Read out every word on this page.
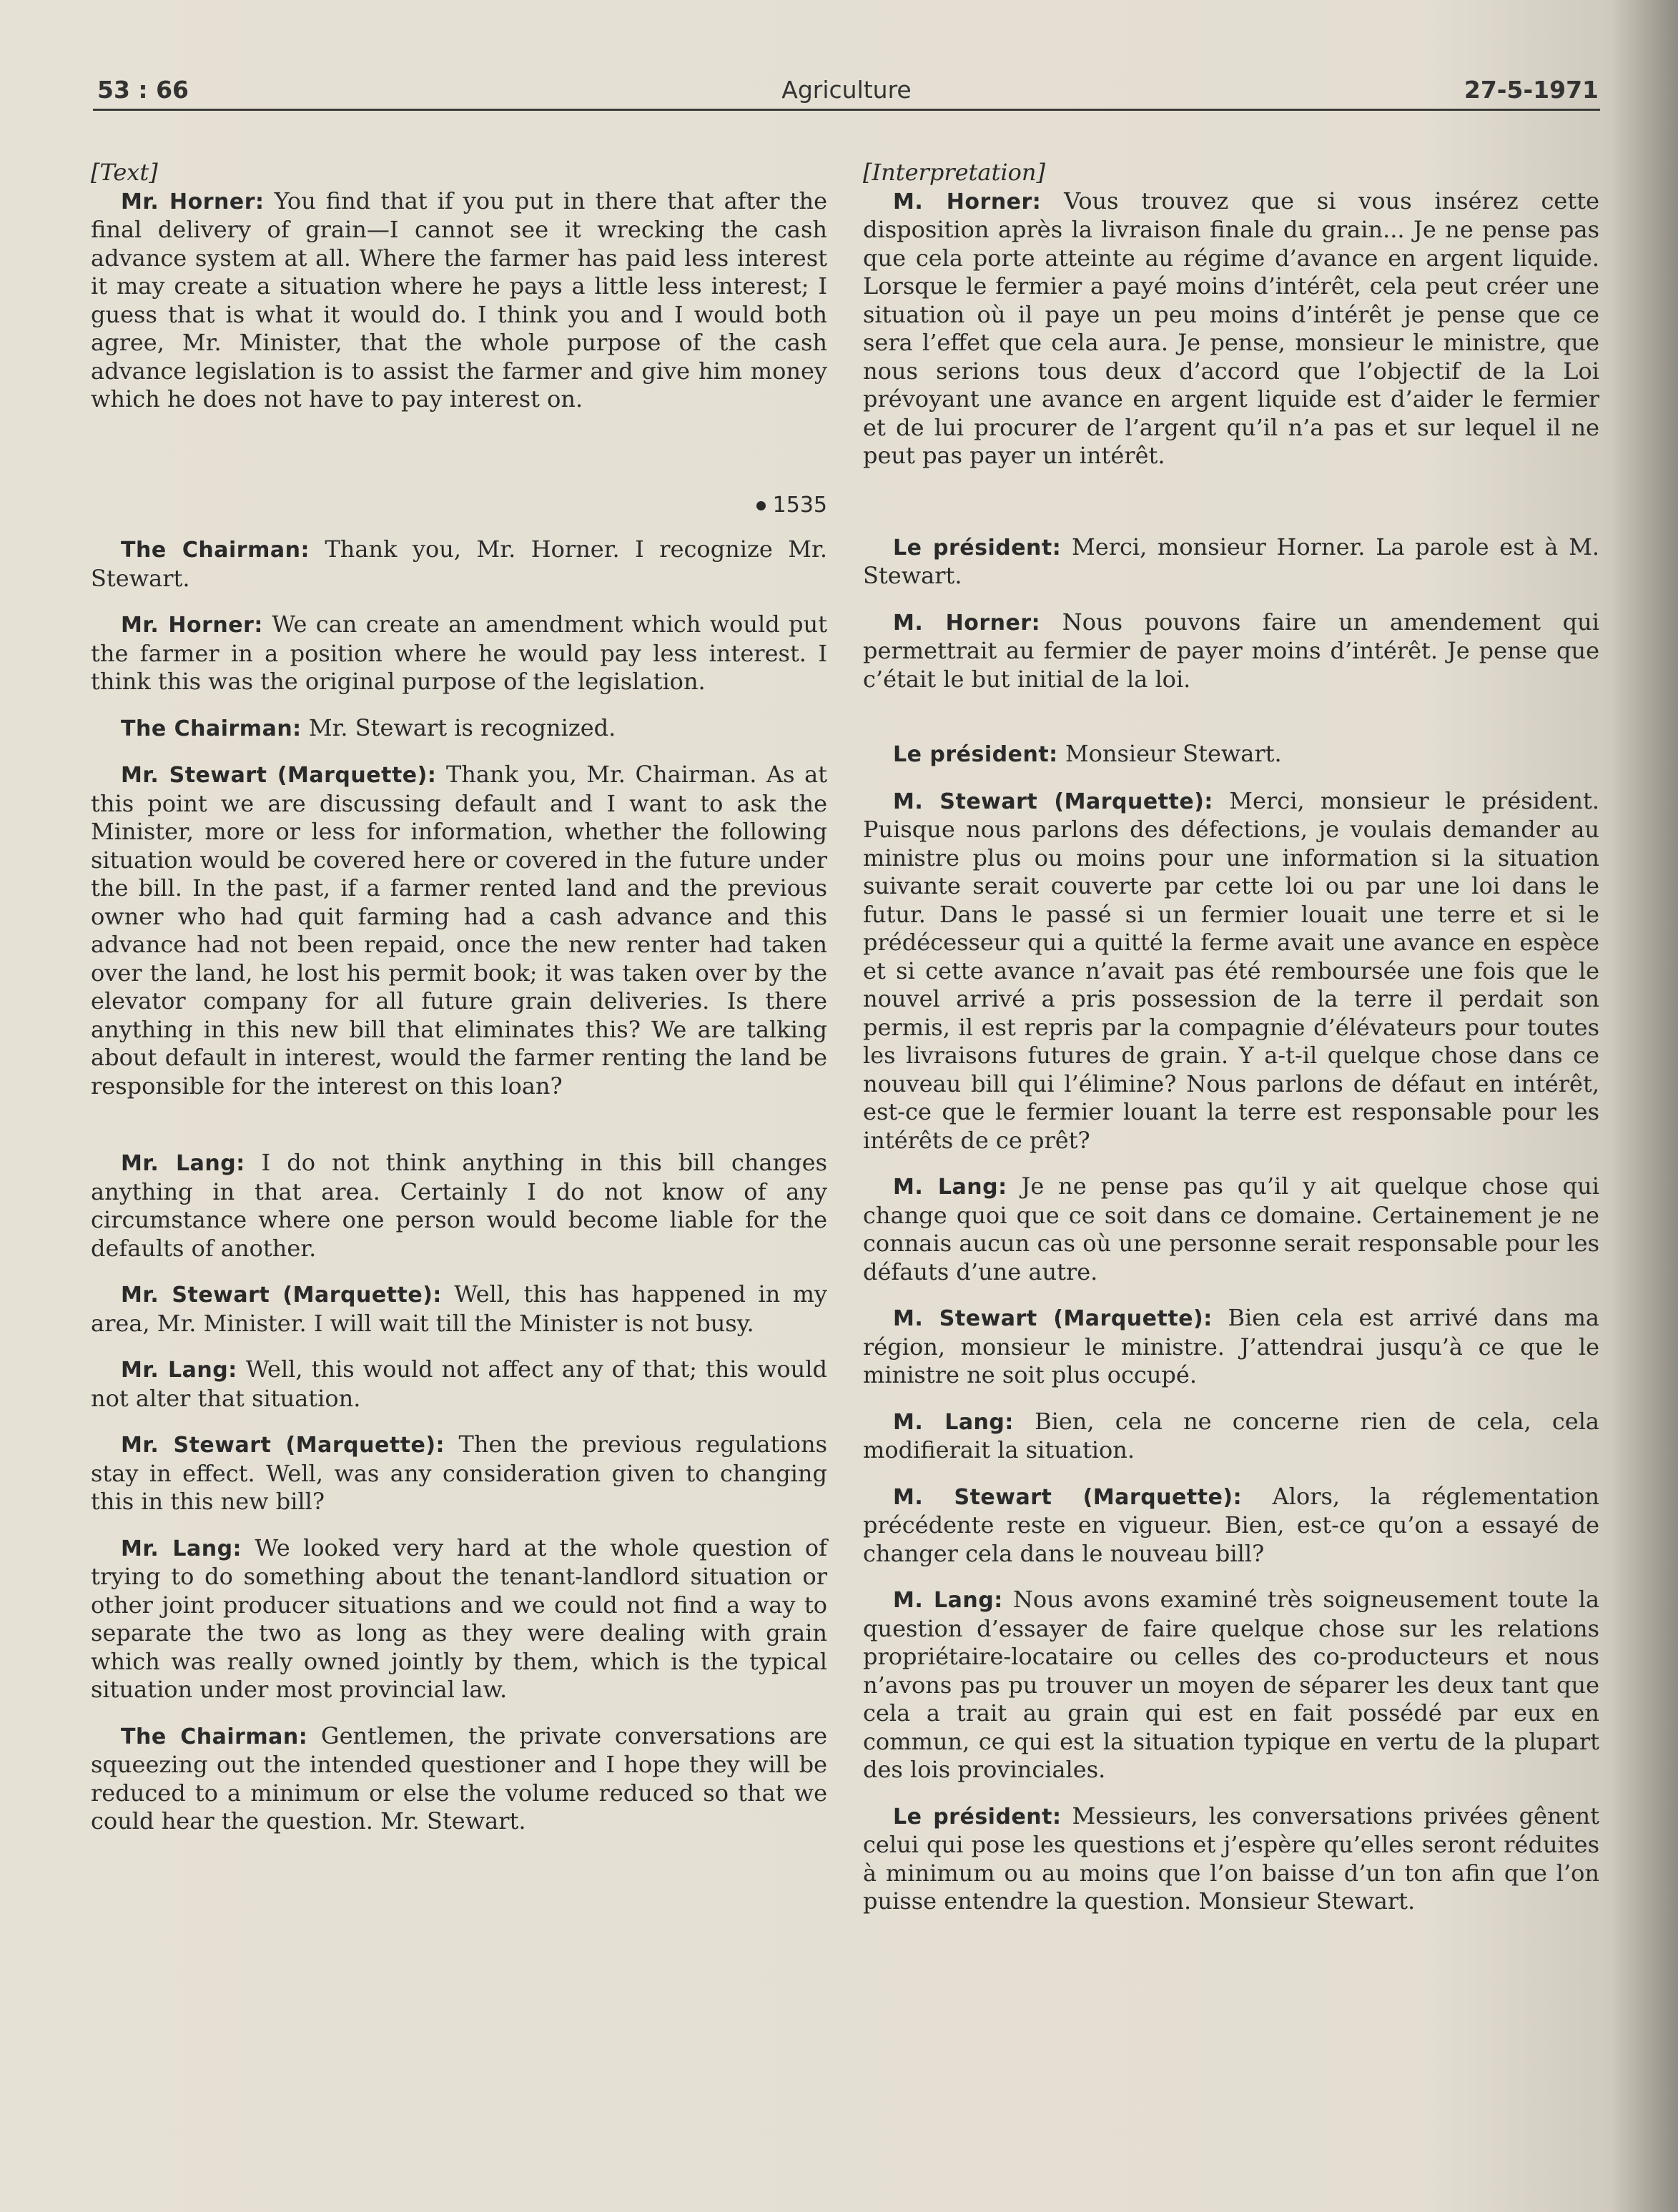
53 : 66	Agriculture	27-5-1971

[Text]

Mr. Horner: You find that if you put in there that after the final delivery of grain—I cannot see it wrecking the cash advance system at all. Where the farmer has paid less interest it may create a situation where he pays a little less interest; I guess that is what it would do. I think you and I would both agree, Mr. Minister, that the whole purpose of the cash advance legislation is to assist the farmer and give him money which he does not have to pay interest on.

1535

The Chairman: Thank you, Mr. Horner. I recognize Mr. Stewart.

Mr. Horner: We can create an amendment which would put the farmer in a position where he would pay less interest. I think this was the original purpose of the legislation.

The Chairman: Mr. Stewart is recognized.

Mr. Stewart (Marquette): Thank you, Mr. Chairman. As at this point we are discussing default and I want to ask the Minister, more or less for information, whether the following situation would be covered here or covered in the future under the bill. In the past, if a farmer rented land and the previous owner who had quit farming had a cash advance and this advance had not been repaid, once the new renter had taken over the land, he lost his permit book; it was taken over by the elevator company for all future grain deliveries. Is there anything in this new bill that eliminates this? We are talking about default in interest, would the farmer renting the land be responsible for the interest on this loan?

Mr. Lang: I do not think anything in this bill changes anything in that area. Certainly I do not know of any circumstance where one person would become liable for the defaults of another.

Mr. Stewart (Marquette): Well, this has happened in my area, Mr. Minister. I will wait till the Minister is not busy.

Mr. Lang: Well, this would not affect any of that; this would not alter that situation.

Mr. Stewart (Marquette): Then the previous regulations stay in effect. Well, was any consideration given to changing this in this new bill?

Mr. Lang: We looked very hard at the whole question of trying to do something about the tenant-landlord situation or other joint producer situations and we could not find a way to separate the two as long as they were dealing with grain which was really owned jointly by them, which is the typical situation under most provincial law.

The Chairman: Gentlemen, the private conversations are squeezing out the intended questioner and I hope they will be reduced to a minimum or else the volume reduced so that we could hear the question. Mr. Stewart.

[Interpretation]

M. Horner: Vous trouvez que si vous insérez cette disposition après la livraison finale du grain... Je ne pense pas que cela porte atteinte au régime d’avance en argent liquide. Lorsque le fermier a payé moins d’intérêt, cela peut créer une situation où il paye un peu moins d’intérêt je pense que ce sera l’effet que cela aura. Je pense, monsieur le ministre, que nous serions tous deux d’accord que l’objectif de la Loi prévoyant une avance en argent liquide est d’aider le fermier et de lui procurer de l’argent qu’il n’a pas et sur lequel il ne peut pas payer un intérêt.

Le président: Merci, monsieur Horner. La parole est à M. Stewart.

M. Horner: Nous pouvons faire un amendement qui permettrait au fermier de payer moins d’intérêt. Je pense que c’était le but initial de la loi.

Le président: Monsieur Stewart.

M. Stewart (Marquette): Merci, monsieur le président. Puisque nous parlons des défections, je voulais demander au ministre plus ou moins pour une information si la situation suivante serait couverte par cette loi ou par une loi dans le futur. Dans le passé si un fermier louait une terre et si le prédécesseur qui a quitté la ferme avait une avance en espèce et si cette avance n’avait pas été remboursée une fois que le nouvel arrivé a pris possession de la terre il perdait son permis, il est repris par la compagnie d’élévateurs pour toutes les livraisons futures de grain. Y a-t-il quelque chose dans ce nouveau bill qui l’élimine? Nous parlons de défaut en intérêt, est-ce que le fermier louant la terre est responsable pour les intérêts de ce prêt?

M. Lang: Je ne pense pas qu’il y ait quelque chose qui change quoi que ce soit dans ce domaine. Certainement je ne connais aucun cas où une personne serait responsable pour les défauts d’une autre.

M. Stewart (Marquette): Bien cela est arrivé dans ma région, monsieur le ministre. J’attendrai jusqu’à ce que le ministre ne soit plus occupé.

M. Lang: Bien, cela ne concerne rien de cela, cela modifierait la situation.

M. Stewart (Marquette): Alors, la réglementation précédente reste en vigueur. Bien, est-ce qu’on a essayé de changer cela dans le nouveau bill?

M. Lang: Nous avons examiné très soigneusement toute la question d’essayer de faire quelque chose sur les relations propriétaire-locataire ou celles des co-producteurs et nous n’avons pas pu trouver un moyen de séparer les deux tant que cela a trait au grain qui est en fait possédé par eux en commun, ce qui est la situation typique en vertu de la plupart des lois provinciales.

Le président: Messieurs, les conversations privées gênent celui qui pose les questions et j’espère qu’elles seront réduites à minimum ou au moins que l’on baisse d’un ton afin que l’on puisse entendre la question. Monsieur Stewart.
